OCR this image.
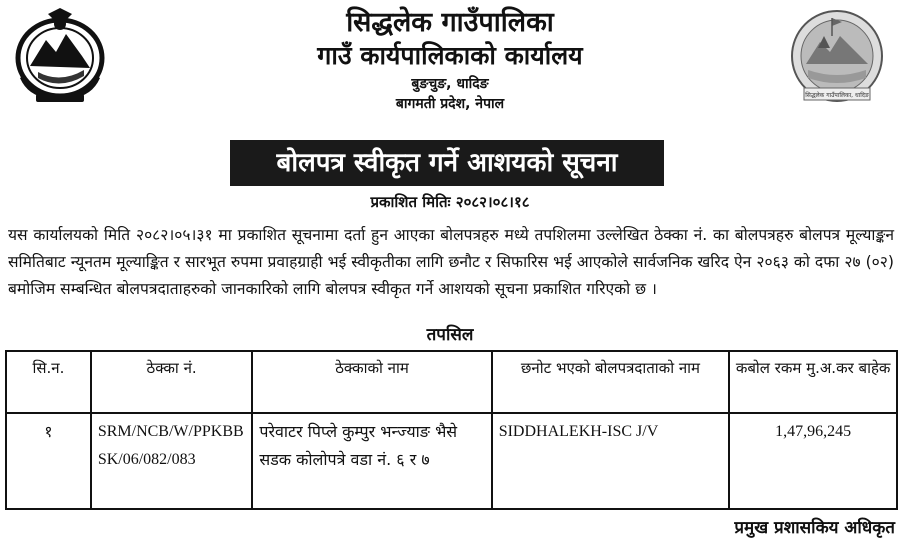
सिद्धलेक गाउँपालिका, धादिङ
सिद्धलेक गाउँपालिका
गाउँ कार्यपालिकाको कार्यालय
बुङचुङ, धादिङ
बागमती प्रदेश, नेपाल
बोलपत्र स्वीकृत गर्ने आशयको सूचना
प्रकाशित मितिः २०८२।०८।१८
यस कार्यालयको मिति २०८२।०५।३१ मा प्रकाशित सूचनामा दर्ता हुन आएका बोलपत्रहरु मध्ये तपशिलमा उल्लेखित ठेक्का नं. का बोलपत्रहरु बोलपत्र मूल्याङ्कन समितिबाट न्यूनतम मूल्याङ्कित र सारभूत रुपमा प्रवाहग्राही भई स्वीकृतीका लागि छनौट र सिफारिस भई आएकोले सार्वजनिक खरिद ऐन २०६३ को दफा २७ (०२) बमोजिम सम्बन्धित बोलपत्रदाताहरुको जानकारिको लागि बोलपत्र स्वीकृत गर्ने आशयको सूचना प्रकाशित गरिएको छ ।
तपसिल
सि.न.	ठेक्का नं.	ठेक्काको नाम	छनोट भएको बोलपत्रदाताको नाम	कबोल रकम मु.अ.कर बाहेक
१	SRM/NCB/W/PPKBBSK/06/082/083	परेवाटर पिप्ले कुम्पुर भन्ज्याङ भैसे सडक कोलोपत्रे वडा नं. ६ र ७	SIDDHALEKH-ISC J/V	1,47,96,245
प्रमुख प्रशासकिय अधिकृत
